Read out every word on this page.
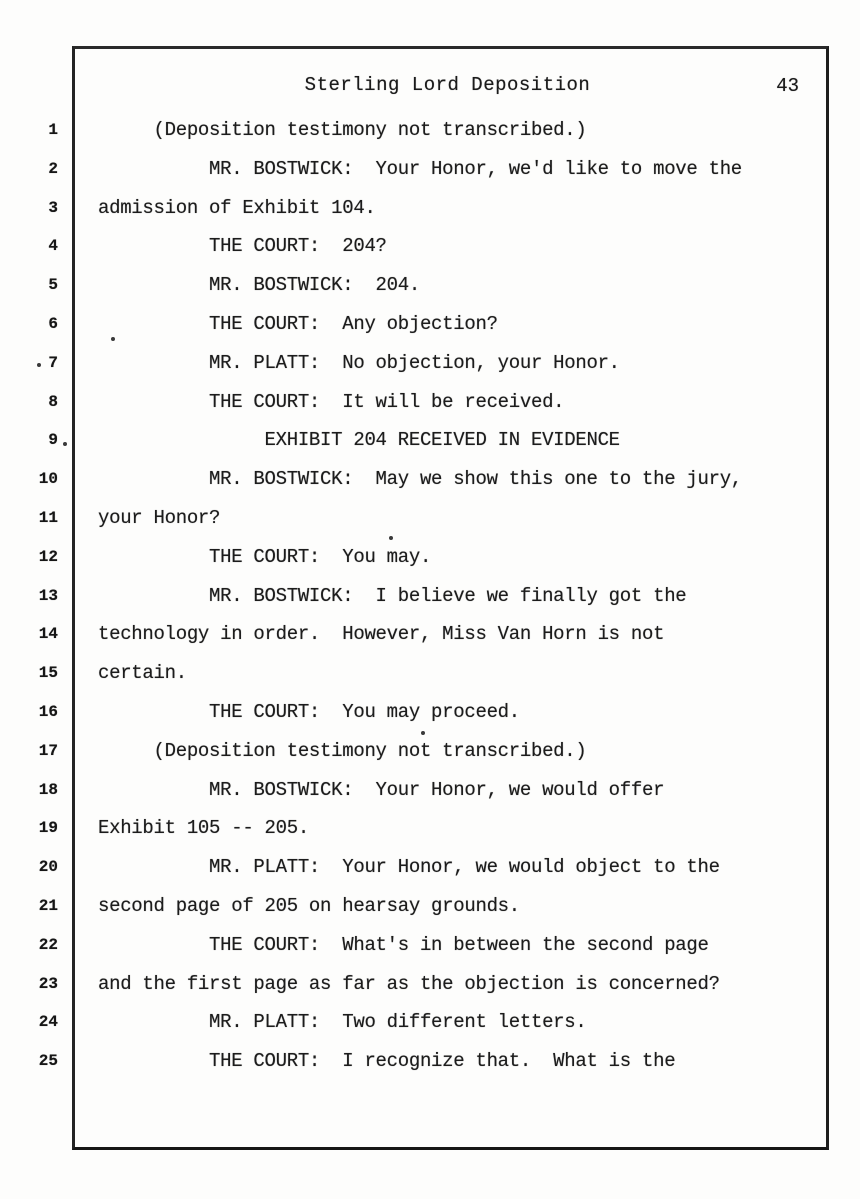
Sterling Lord Deposition	43
1 (Deposition testimony not transcribed.)
2 MR. BOSTWICK:  Your Honor, we'd like to move the
3 admission of Exhibit 104.
4 THE COURT:  204?
5 MR. BOSTWICK:  204.
6 THE COURT:  Any objection?
7 MR. PLATT:  No objection, your Honor.
8 THE COURT:  It will be received.
9 EXHIBIT 204 RECEIVED IN EVIDENCE
10 MR. BOSTWICK:  May we show this one to the jury,
11 your Honor?
12 THE COURT:  You may.
13 MR. BOSTWICK:  I believe we finally got the
14 technology in order.  However, Miss Van Horn is not
15 certain.
16 THE COURT:  You may proceed.
17 (Deposition testimony not transcribed.)
18 MR. BOSTWICK:  Your Honor, we would offer
19 Exhibit 105 -- 205.
20 MR. PLATT:  Your Honor, we would object to the
21 second page of 205 on hearsay grounds.
22 THE COURT:  What's in between the second page
23 and the first page as far as the objection is concerned?
24 MR. PLATT:  Two different letters.
25 THE COURT:  I recognize that.  What is the
